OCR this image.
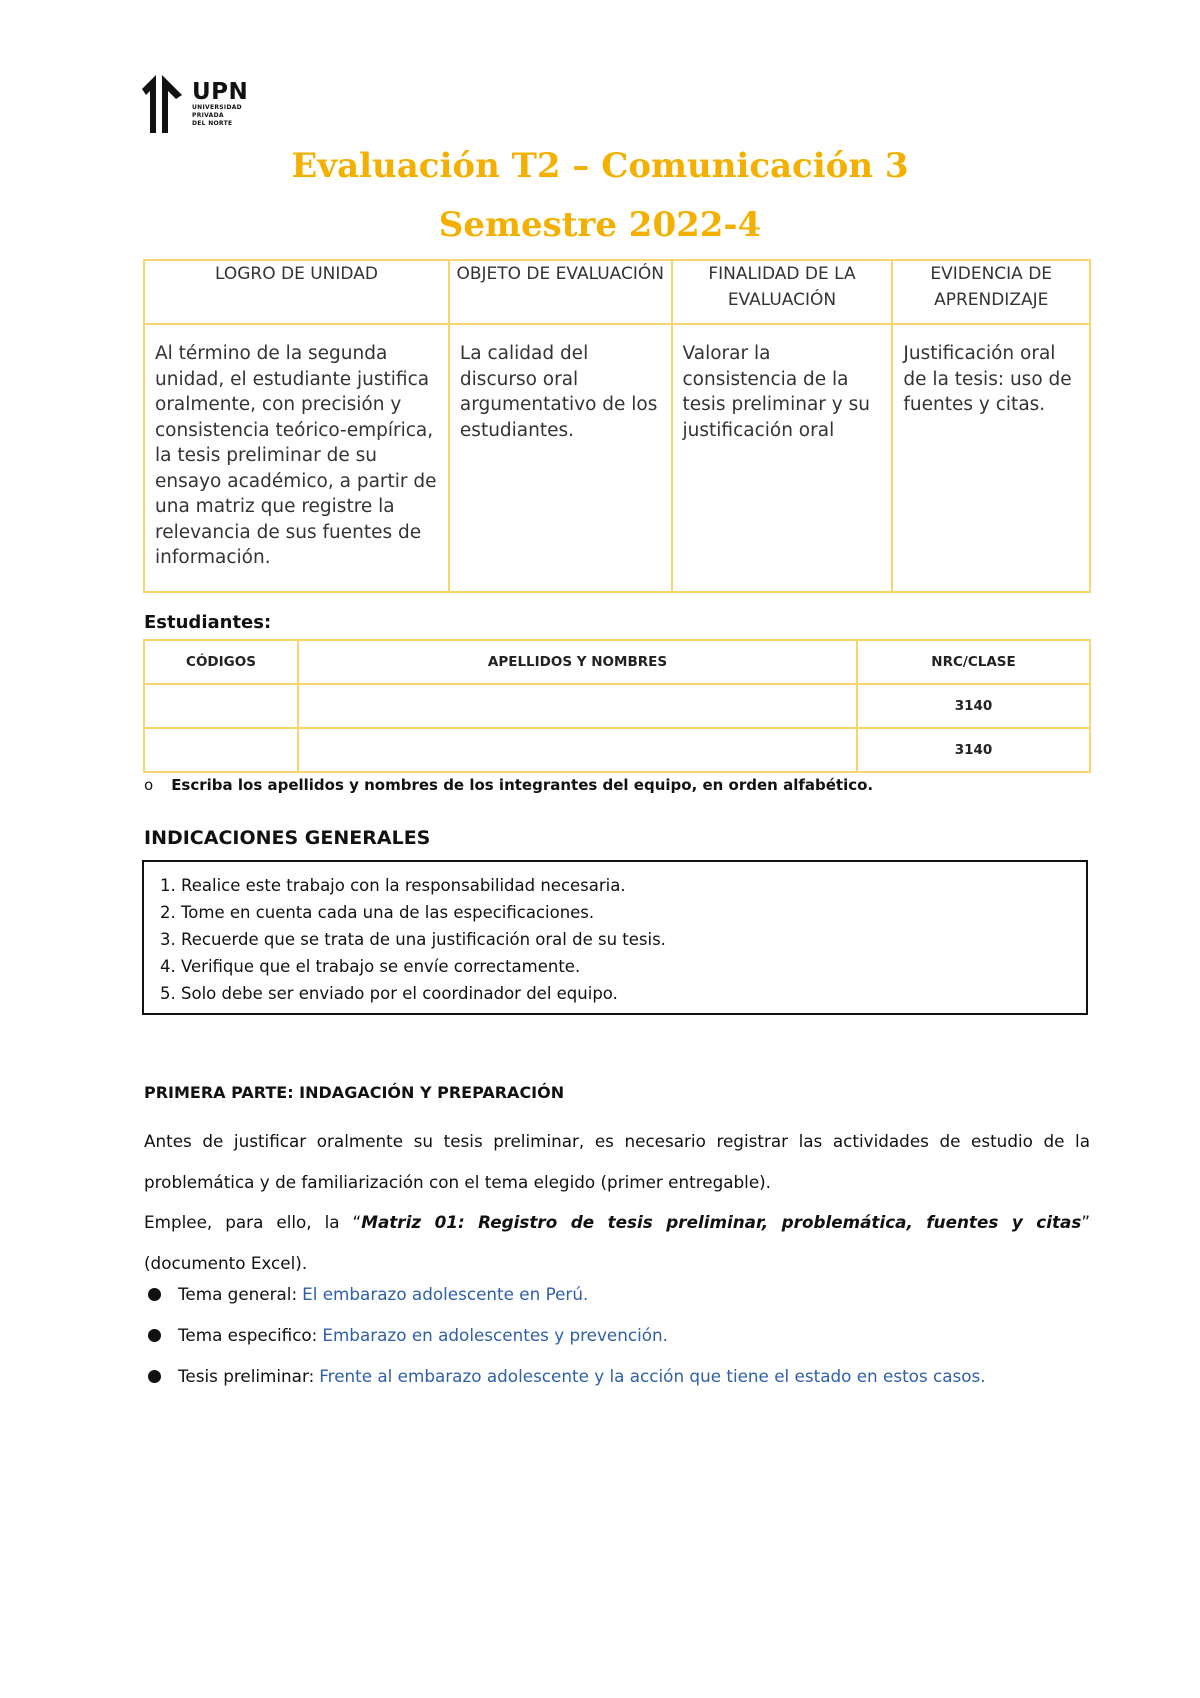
UPN
UNIVERSIDAD
PRIVADA
DEL NORTE
Evaluación T2 – Comunicación 3
Semestre 2022-4
LOGRO DE UNIDAD	OBJETO DE EVALUACIÓN	FINALIDAD DE LA EVALUACIÓN	EVIDENCIA DE APRENDIZAJE
Al término de la segunda unidad, el estudiante justifica oralmente, con precisión y consistencia teórico-empírica, la tesis preliminar de su ensayo académico, a partir de una matriz que registre la relevancia de sus fuentes de información.	La calidad del discurso oral argumentativo de los estudiantes.	Valorar la consistencia de la tesis preliminar y su justificación oral	Justificación oral de la tesis: uso de fuentes y citas.
Estudiantes:
CÓDIGOS	APELLIDOS Y NOMBRES	NRC/CLASE
		3140
		3140
o Escriba los apellidos y nombres de los integrantes del equipo, en orden alfabético.
INDICACIONES GENERALES
1. Realice este trabajo con la responsabilidad necesaria.
2. Tome en cuenta cada una de las especificaciones.
3. Recuerde que se trata de una justificación oral de su tesis.
4. Verifique que el trabajo se envíe correctamente.
5. Solo debe ser enviado por el coordinador del equipo.
PRIMERA PARTE: INDAGACIÓN Y PREPARACIÓN
Antes de justificar oralmente su tesis preliminar, es necesario registrar las actividades de estudio de la problemática y de familiarización con el tema elegido (primer entregable).
Emplee, para ello, la “Matriz 01: Registro de tesis preliminar, problemática, fuentes y citas” (documento Excel).
Tema general: El embarazo adolescente en Perú.
Tema especifico: Embarazo en adolescentes y prevención.
Tesis preliminar: Frente al embarazo adolescente y la acción que tiene el estado en estos casos.
